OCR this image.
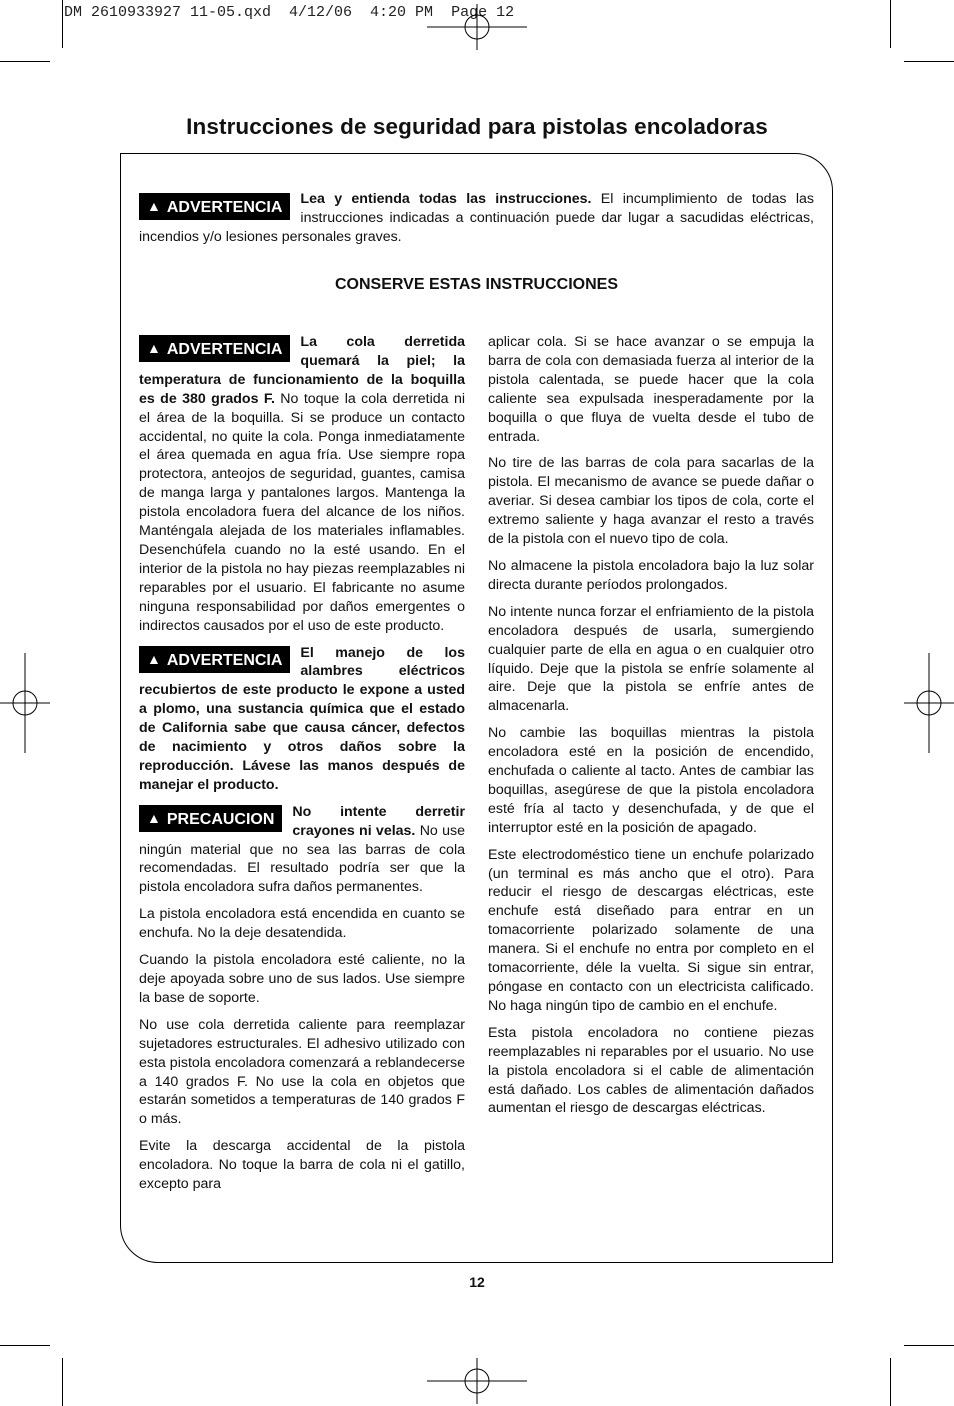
DM 2610933927 11-05.qxd  4/12/06  4:20 PM  Page 12
Instrucciones de seguridad para pistolas encoladoras
▲ ADVERTENCIA	Lea y entienda todas las instrucciones. El incumplimiento de todas las instrucciones indicadas a continuación puede dar lugar a sacudidas eléctricas, incendios y/o lesiones personales graves.
CONSERVE ESTAS INSTRUCCIONES

▲ ADVERTENCIA	La cola derretida quemará la piel; la temperatura de funcionamiento de la boquilla es de 380 grados F. No toque la cola derretida ni el área de la boquilla. Si se produce un contacto accidental, no quite la cola. Ponga inmediatamente el área quemada en agua fría. Use siempre ropa protectora, anteojos de seguridad, guantes, camisa de manga larga y pantalones largos. Mantenga la pistola encoladora fuera del alcance de los niños. Manténgala alejada de los materiales inflamables. Desenchúfela cuando no la esté usando. En el interior de la pistola no hay piezas reemplazables ni reparables por el usuario. El fabricante no asume ninguna responsabilidad por daños emergentes o indirectos causados por el uso de este producto.

▲ ADVERTENCIA	El manejo de los alambres eléctricos recubiertos de este producto le expone a usted a plomo, una sustancia química que el estado de California sabe que causa cáncer, defectos de nacimiento y otros daños sobre la reproducción. Lávese las manos después de manejar el producto.

▲ PRECAUCION	No intente derretir crayones ni velas. No use ningún material que no sea las barras de cola recomendadas. El resultado podría ser que la pistola encoladora sufra daños permanentes.

La pistola encoladora está encendida en cuanto se enchufa. No la deje desatendida.

Cuando la pistola encoladora esté caliente, no la deje apoyada sobre uno de sus lados. Use siempre la base de soporte.

No use cola derretida caliente para reemplazar sujetadores estructurales. El adhesivo utilizado con esta pistola encoladora comenzará a reblandecerse a 140 grados F. No use la cola en objetos que estarán sometidos a temperaturas de 140 grados F o más.

Evite la descarga accidental de la pistola encoladora. No toque la barra de cola ni el gatillo, excepto para

aplicar cola. Si se hace avanzar o se empuja la barra de cola con demasiada fuerza al interior de la pistola calentada, se puede hacer que la cola caliente sea expulsada inesperadamente por la boquilla o que fluya de vuelta desde el tubo de entrada.

No tire de las barras de cola para sacarlas de la pistola. El mecanismo de avance se puede dañar o averiar. Si desea cambiar los tipos de cola, corte el extremo saliente y haga avanzar el resto a través de la pistola con el nuevo tipo de cola.

No almacene la pistola encoladora bajo la luz solar directa durante períodos prolongados.

No intente nunca forzar el enfriamiento de la pistola encoladora después de usarla, sumergiendo cualquier parte de ella en agua o en cualquier otro líquido. Deje que la pistola se enfríe solamente al aire. Deje que la pistola se enfríe antes de almacenarla.

No cambie las boquillas mientras la pistola encoladora esté en la posición de encendido, enchufada o caliente al tacto. Antes de cambiar las boquillas, asegúrese de que la pistola encoladora esté fría al tacto y desenchufada, y de que el interruptor esté en la posición de apagado.

Este electrodoméstico tiene un enchufe polarizado (un terminal es más ancho que el otro). Para reducir el riesgo de descargas eléctricas, este enchufe está diseñado para entrar en un tomacorriente polarizado solamente de una manera. Si el enchufe no entra por completo en el tomacorriente, déle la vuelta. Si sigue sin entrar, póngase en contacto con un electricista calificado. No haga ningún tipo de cambio en el enchufe.

Esta pistola encoladora no contiene piezas reemplazables ni reparables por el usuario. No use la pistola encoladora si el cable de alimentación está dañado. Los cables de alimentación dañados aumentan el riesgo de descargas eléctricas.

12
